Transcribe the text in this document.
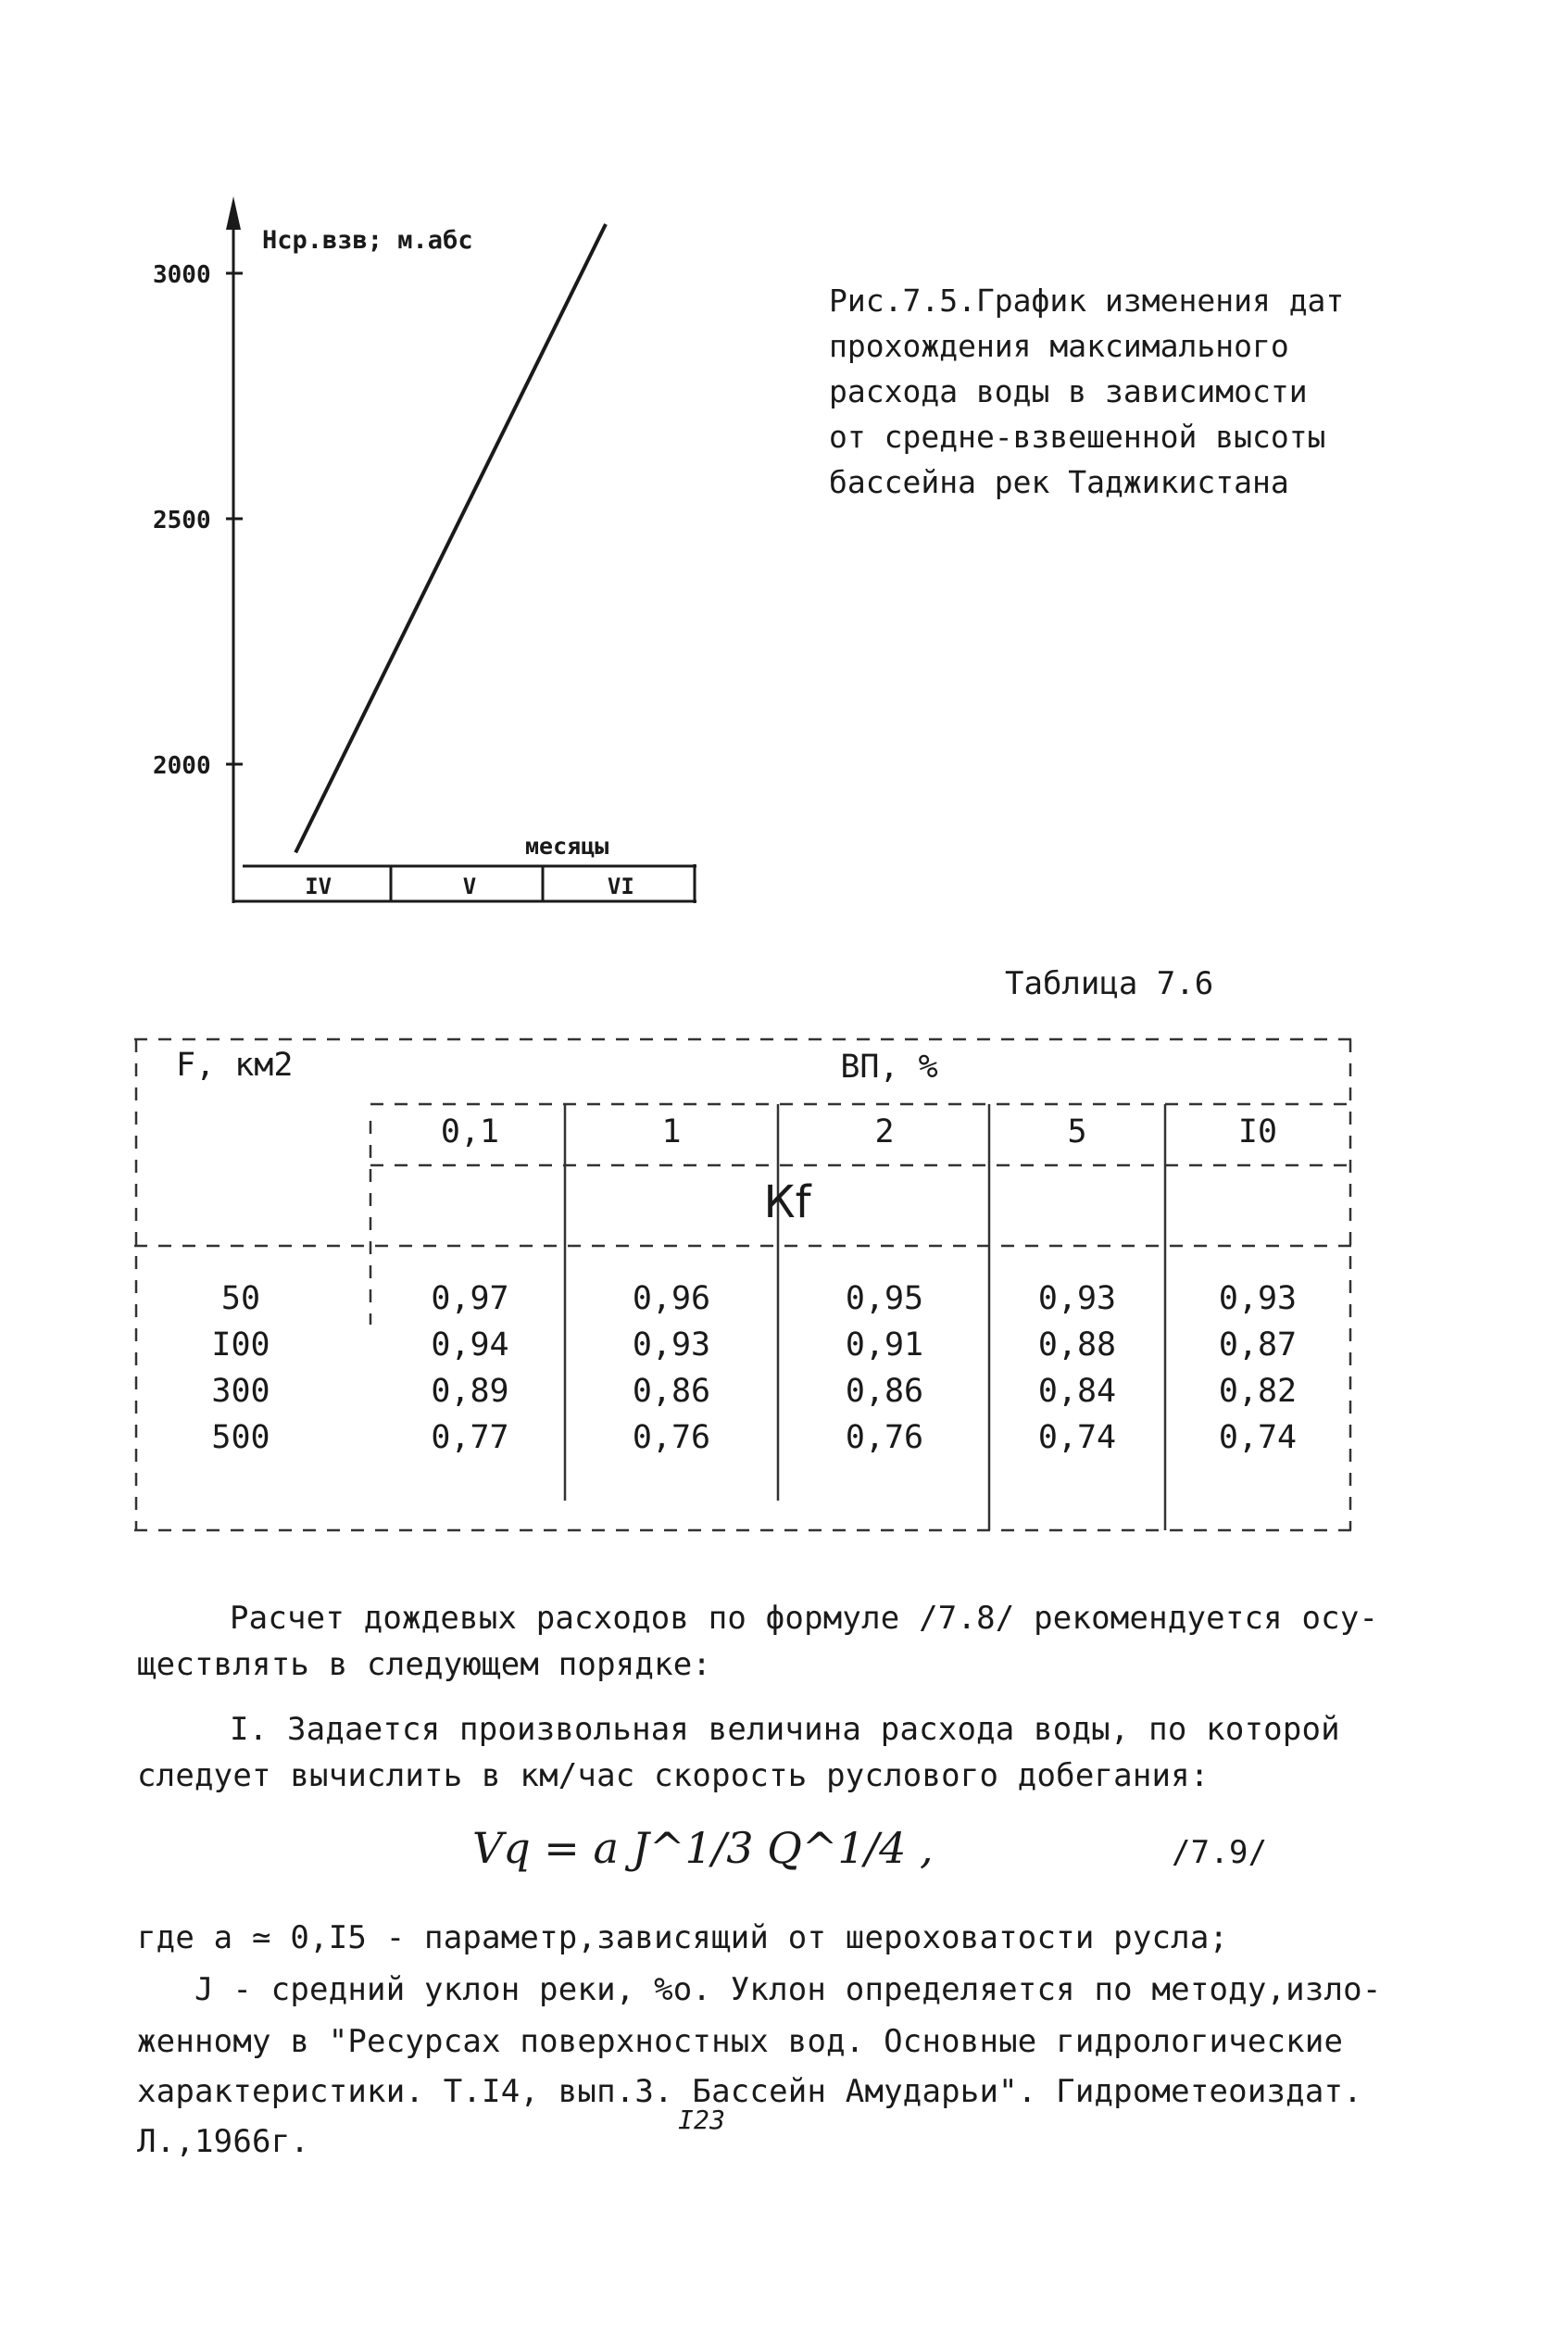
3000
2500
2000
IV	V	VI
Нср.взв; м.абс
месяцы
Рис.7.5.График изменения дат
прохождения максимального
расхода воды в зависимости
от средне-взвешенной высоты
бассейна рек Таджикистана
Таблица 7.6
F, км2	ВП, %
0,1	1	2	5	I0
Кf
50	0,97	0,96	0,95	0,93	0,93
I00	0,94	0,93	0,91	0,88	0,87
300	0,89	0,86	0,86	0,84	0,82
500	0,77	0,76	0,76	0,74	0,74
Расчет дождевых расходов по формуле /7.8/ рекомендуется осу-
ществлять в следующем порядке:
I. Задается произвольная величина расхода воды, по которой
следует вычислить в км/час скорость руслового добегания:
Vq = a J^1/3 Q^1/4 ,	/7.9/
где a ≃ 0,I5 - параметр,зависящий от шероховатости русла;
J - средний уклон реки, %о. Уклон определяется по методу,изло-
женному в "Ресурсах поверхностных вод. Основные гидрологические
характеристики. Т.I4, вып.3. Бассейн Амударьи". Гидрометеоиздат.
Л.,1966г.
I23
